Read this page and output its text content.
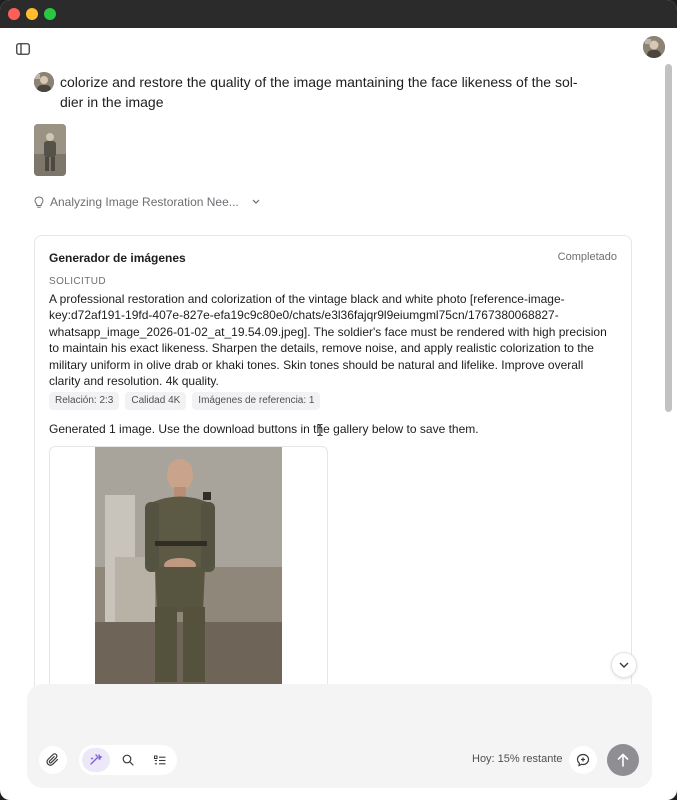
colorize and restore the quality of the image mantaining the face likeness of the sol-dier in the image
Analyzing Image Restoration Nee...
Generador de imágenes	Completado
SOLICITUD
A professional restoration and colorization of the vintage black and white photo [reference-image-key:d72af191-19fd-407e-827e-efa19c9c80e0/chats/e3l36fajqr9l9eiumgml75cn/1767380068827-whatsapp_image_2026-01-02_at_19.54.09.jpeg]. The soldier's face must be rendered with high precision to maintain his exact likeness. Sharpen the details, remove noise, and apply realistic colorization to the military uniform in olive drab or khaki tones. Skin tones should be natural and lifelike. Improve overall clarity and resolution. 4k quality.
Relación: 2:3	Calidad 4K	Imágenes de referencia: 1
Generated 1 image. Use the download buttons in the gallery below to save them.
Hoy: 15% restante
